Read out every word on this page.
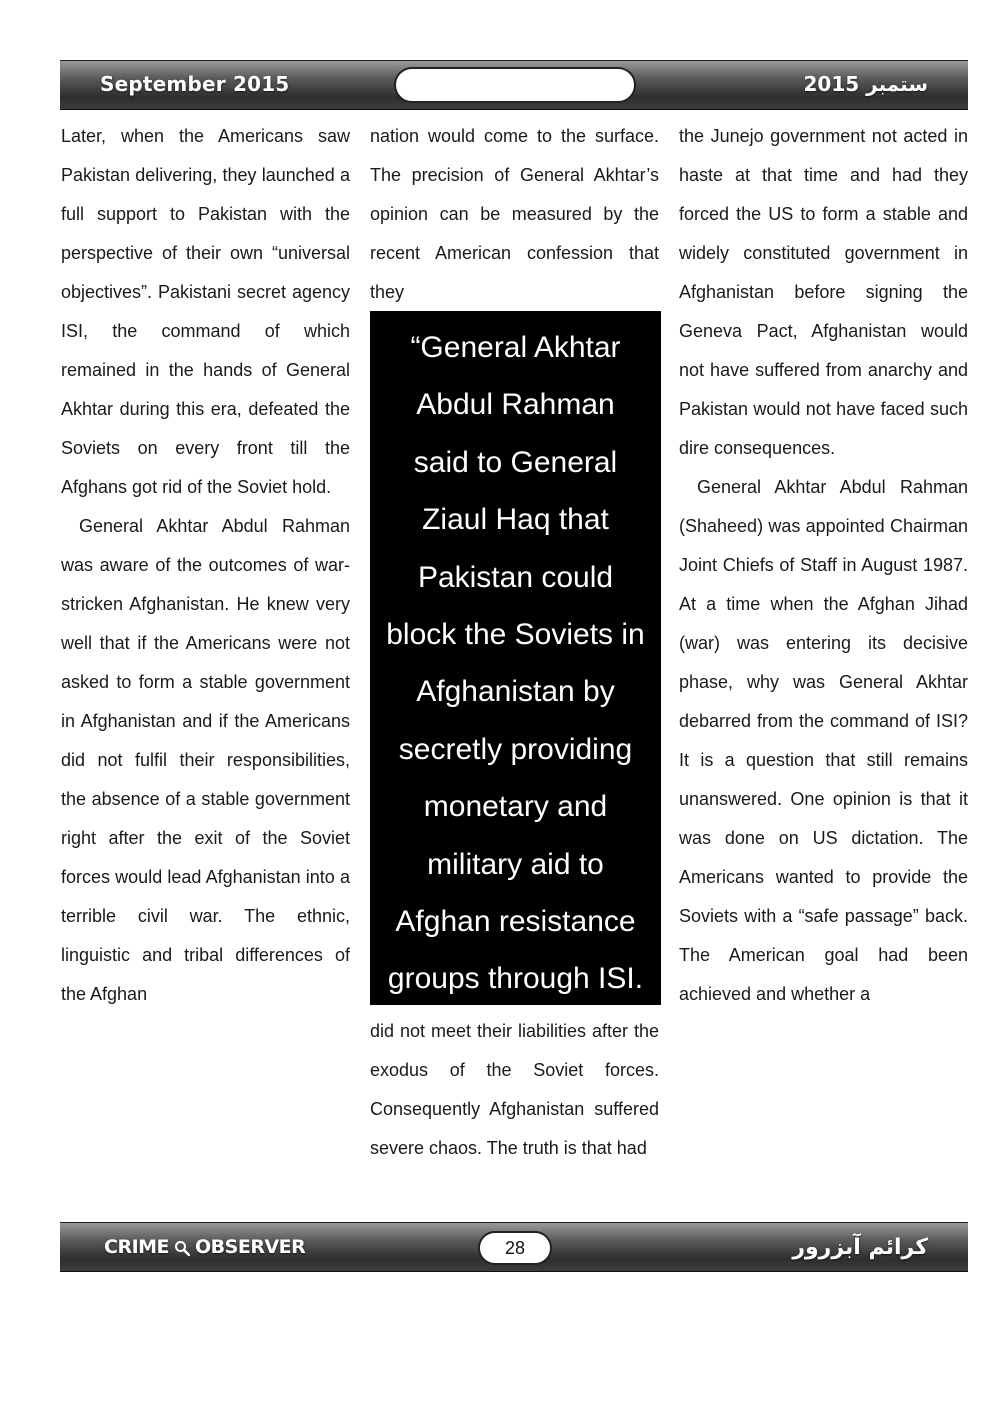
September 2015	2015 ستمبر

Later, when the Americans saw Pakistan delivering, they launched a full support to Pakistan with the perspective of their own “universal objectives”. Pakistani secret agency ISI, the command of which remained in the hands of General Akhtar during this era, defeated the Soviets on every front till the Afghans got rid of the Soviet hold.

General Akhtar Abdul Rahman was aware of the outcomes of war-stricken Afghanistan. He knew very well that if the Americans were not asked to form a stable government in Afghanistan and if the Americans did not fulfil their responsibilities, the absence of a stable government right after the exit of the Soviet forces would lead Afghanistan into a terrible civil war. The ethnic, linguistic and tribal differences of the Afghan

nation would come to the surface. The precision of General Akhtar’s opinion can be measured by the recent American confession that they

“General Akhtar
Abdul Rahman
said to General
Ziaul Haq that
Pakistan could
block the Soviets in
Afghanistan by
secretly providing
monetary and
military aid to
Afghan resistance
groups through ISI.

did not meet their liabilities after the exodus of the Soviet forces. Consequently Afghanistan suffered severe chaos. The truth is that had

the Junejo government not acted in haste at that time and had they forced the US to form a stable and widely constituted government in Afghanistan before signing the Geneva Pact, Afghanistan would not have suffered from anarchy and Pakistan would not have faced such dire consequences.

General Akhtar Abdul Rahman (Shaheed) was appointed Chairman Joint Chiefs of Staff in August 1987. At a time when the Afghan Jihad (war) was entering its decisive phase, why was General Akhtar debarred from the command of ISI? It is a question that still remains unanswered. One opinion is that it was done on US dictation. The Americans wanted to provide the Soviets with a “safe passage” back. The American goal had been achieved and whether a

CRIME OBSERVER	28	کرائم آبزرور
